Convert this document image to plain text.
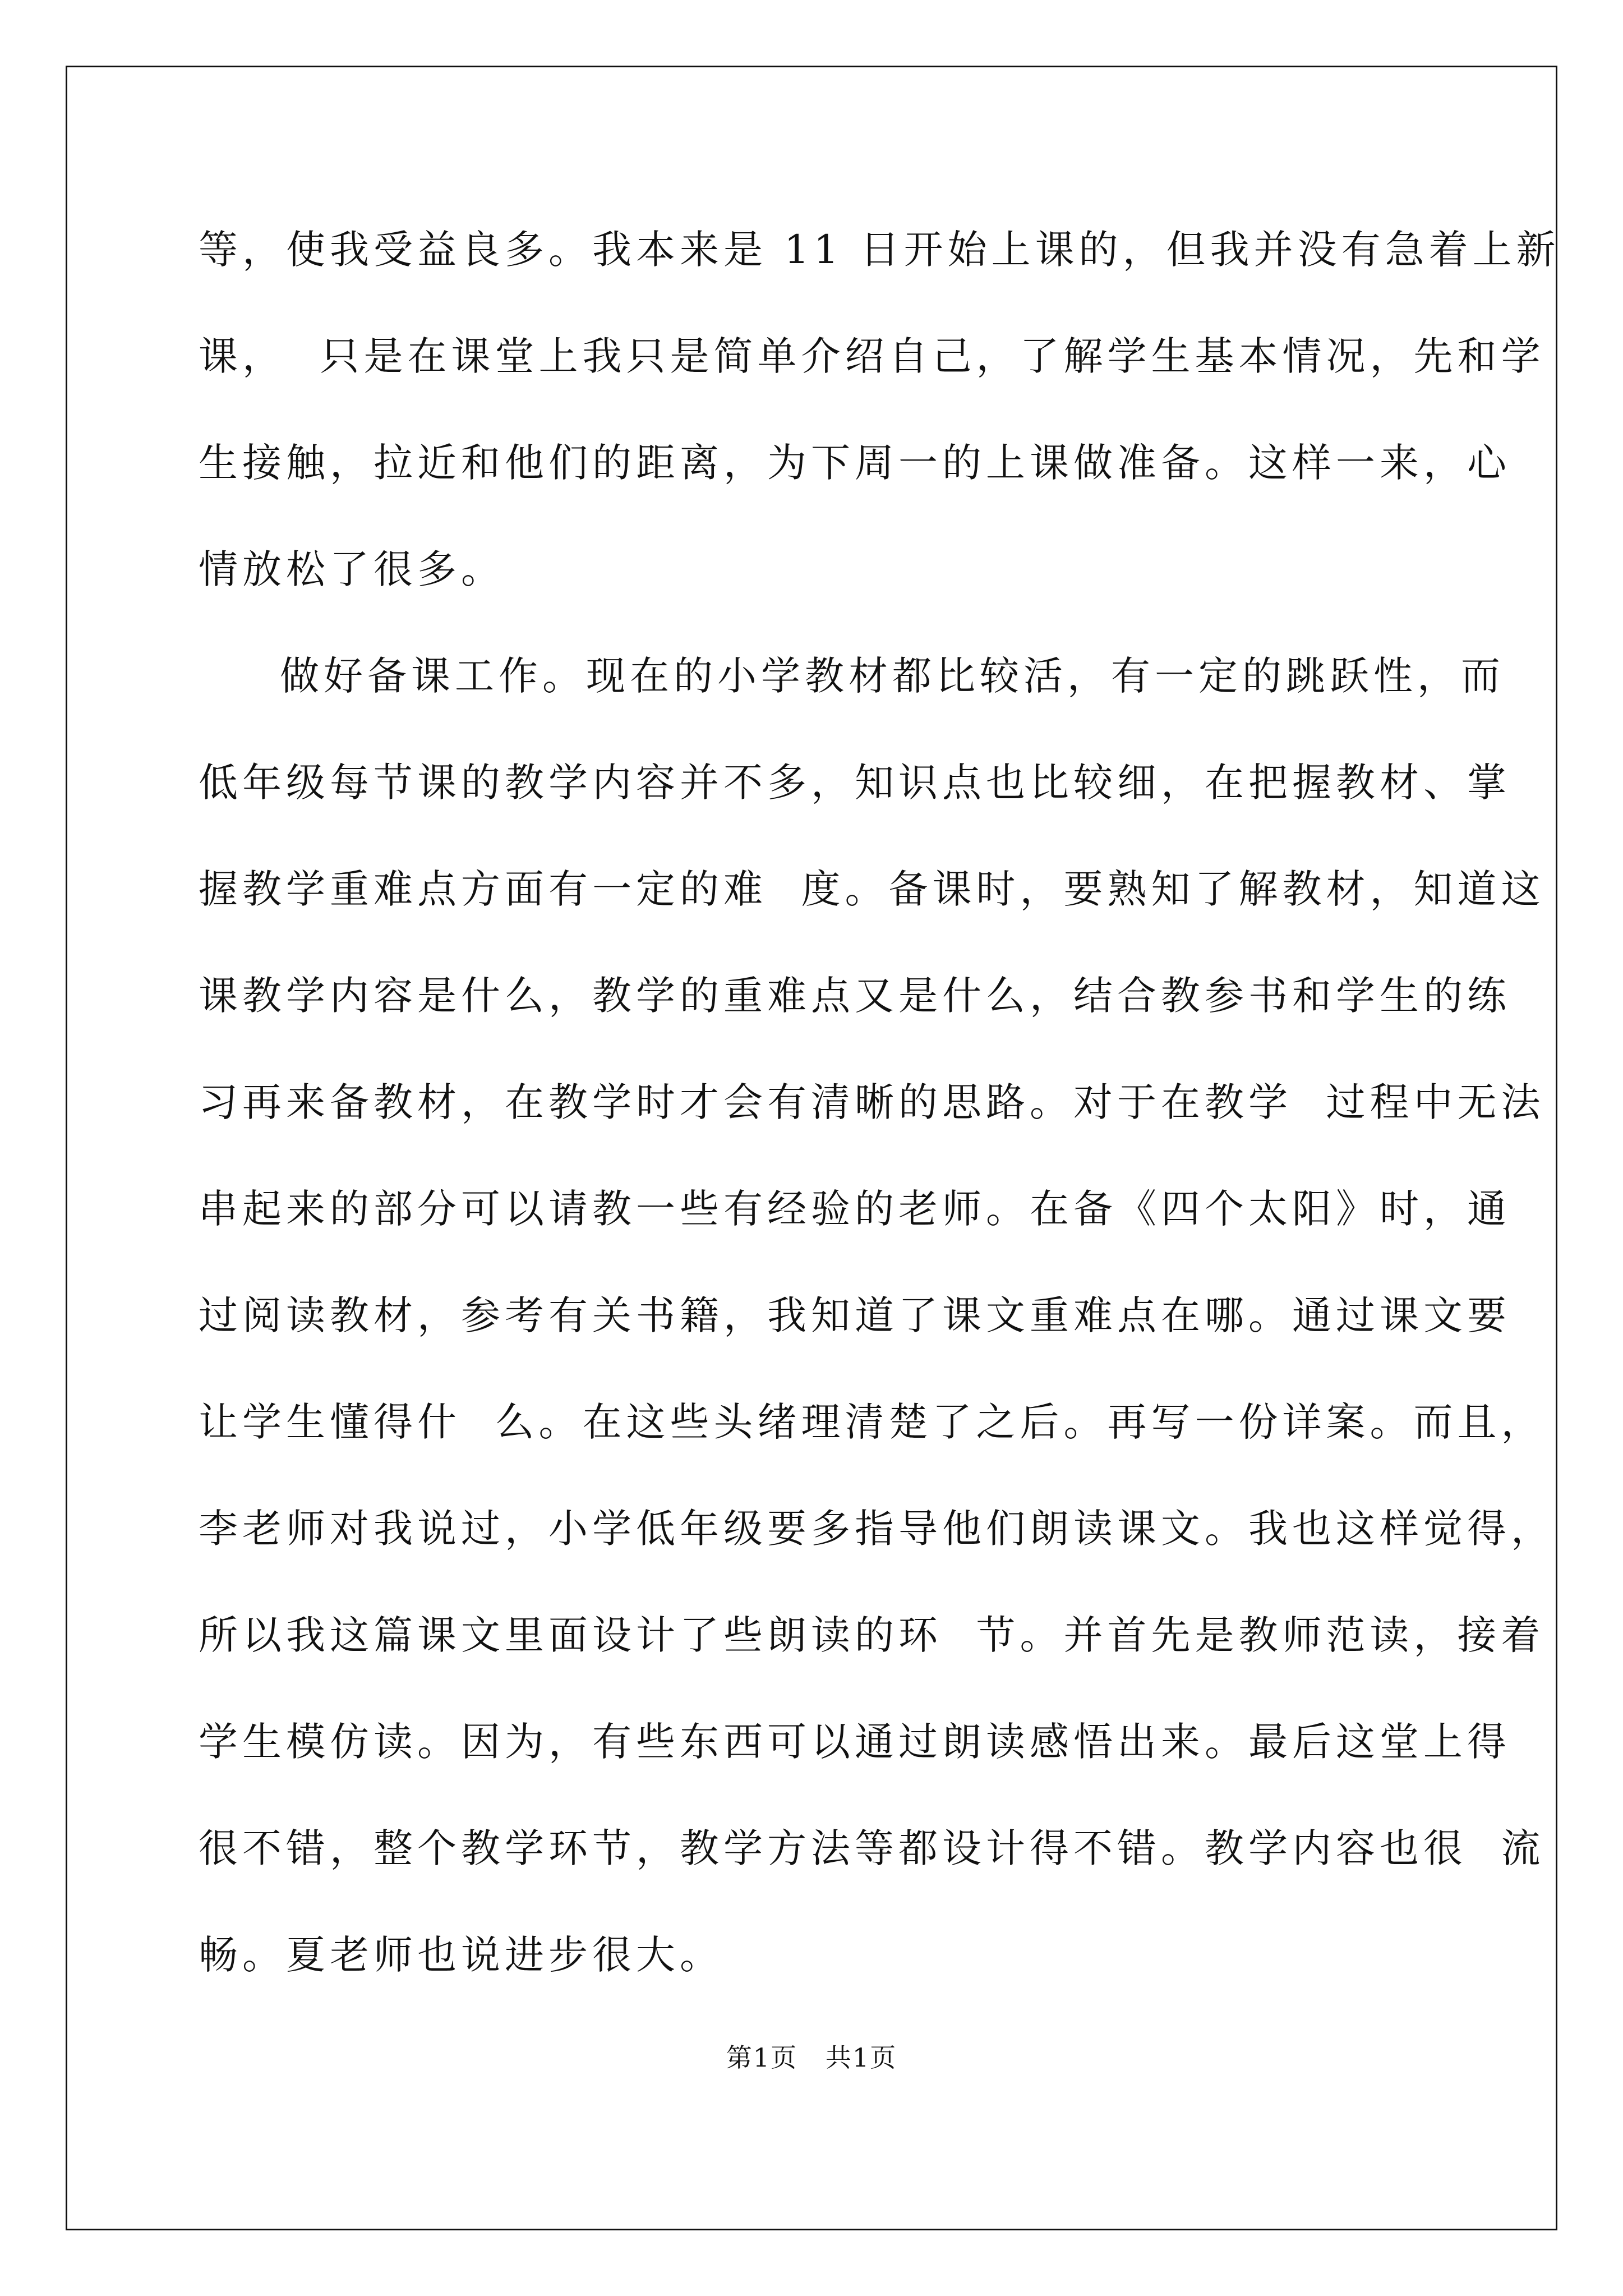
等，使我受益良多。我本来是 11 日开始上课的，但我并没有急着上新
课，  只是在课堂上我只是简单介绍自己，了解学生基本情况，先和学
生接触，拉近和他们的距离，为下周一的上课做准备。这样一来，心
情放松了很多。
做好备课工作。现在的小学教材都比较活，有一定的跳跃性，而
低年级每节课的教学内容并不多，知识点也比较细，在把握教材、掌
握教学重难点方面有一定的难  度。备课时，要熟知了解教材，知道这
课教学内容是什么，教学的重难点又是什么，结合教参书和学生的练
习再来备教材，在教学时才会有清晰的思路。对于在教学  过程中无法
串起来的部分可以请教一些有经验的老师。在备《四个太阳》时，通
过阅读教材，参考有关书籍，我知道了课文重难点在哪。通过课文要
让学生懂得什  么。在这些头绪理清楚了之后。再写一份详案。而且，
李老师对我说过，小学低年级要多指导他们朗读课文。我也这样觉得，
所以我这篇课文里面设计了些朗读的环  节。并首先是教师范读，接着
学生模仿读。因为，有些东西可以通过朗读感悟出来。最后这堂上得
很不错，整个教学环节，教学方法等都设计得不错。教学内容也很  流
畅。夏老师也说进步很大。
第1页   共1页
